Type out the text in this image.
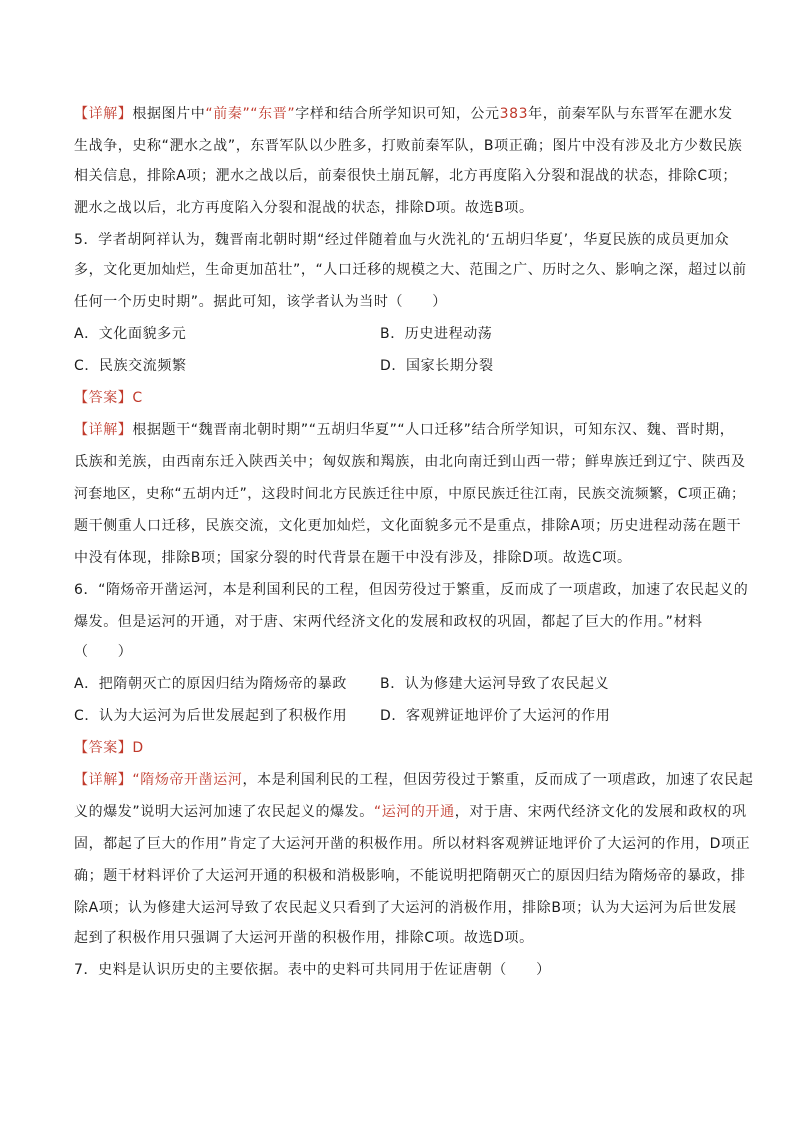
【详解】根据图片中“前秦”“东晋”字样和结合所学知识可知，公元383年，前秦军队与东晋军在淝水发
生战争，史称“淝水之战”，东晋军队以少胜多，打败前秦军队，B项正确；图片中没有涉及北方少数民族
相关信息，排除A项；淝水之战以后，前秦很快土崩瓦解，北方再度陷入分裂和混战的状态，排除C项；
淝水之战以后，北方再度陷入分裂和混战的状态，排除D项。故选B项。
5．学者胡阿祥认为，魏晋南北朝时期“经过伴随着血与火洗礼的‘五胡归华夏’，华夏民族的成员更加众
多，文化更加灿烂，生命更加茁壮”，“人口迁移的规模之大、范围之广、历时之久、影响之深，超过以前
任何一个历史时期”。据此可知，该学者认为当时（　　）
A．文化面貌多元	B．历史进程动荡
C．民族交流频繁	D．国家长期分裂
【答案】C
【详解】根据题干“魏晋南北朝时期”“五胡归华夏”“人口迁移”结合所学知识，可知东汉、魏、晋时期，
氐族和羌族，由西南东迁入陕西关中；匈奴族和羯族，由北向南迁到山西一带；鲜卑族迁到辽宁、陕西及
河套地区，史称“五胡内迁”，这段时间北方民族迁往中原，中原民族迁往江南，民族交流频繁，C项正确；
题干侧重人口迁移，民族交流，文化更加灿烂，文化面貌多元不是重点，排除A项；历史进程动荡在题干
中没有体现，排除B项；国家分裂的时代背景在题干中没有涉及，排除D项。故选C项。
6．“隋炀帝开凿运河，本是利国利民的工程，但因劳役过于繁重，反而成了一项虐政，加速了农民起义的
爆发。但是运河的开通，对于唐、宋两代经济文化的发展和政权的巩固，都起了巨大的作用。”材料
（　　）
A．把隋朝灭亡的原因归结为隋炀帝的暴政 B．认为修建大运河导致了农民起义
C．认为大运河为后世发展起到了积极作用 D．客观辨证地评价了大运河的作用
【答案】D
【详解】“隋炀帝开凿运河，本是利国利民的工程，但因劳役过于繁重，反而成了一项虐政，加速了农民起
义的爆发”说明大运河加速了农民起义的爆发。“运河的开通，对于唐、宋两代经济文化的发展和政权的巩
固，都起了巨大的作用”肯定了大运河开凿的积极作用。所以材料客观辨证地评价了大运河的作用，D项正
确；题干材料评价了大运河开通的积极和消极影响，不能说明把隋朝灭亡的原因归结为隋炀帝的暴政，排
除A项；认为修建大运河导致了农民起义只看到了大运河的消极作用，排除B项；认为大运河为后世发展
起到了积极作用只强调了大运河开凿的积极作用，排除C项。故选D项。
7．史料是认识历史的主要依据。表中的史料可共同用于佐证唐朝（　　）
